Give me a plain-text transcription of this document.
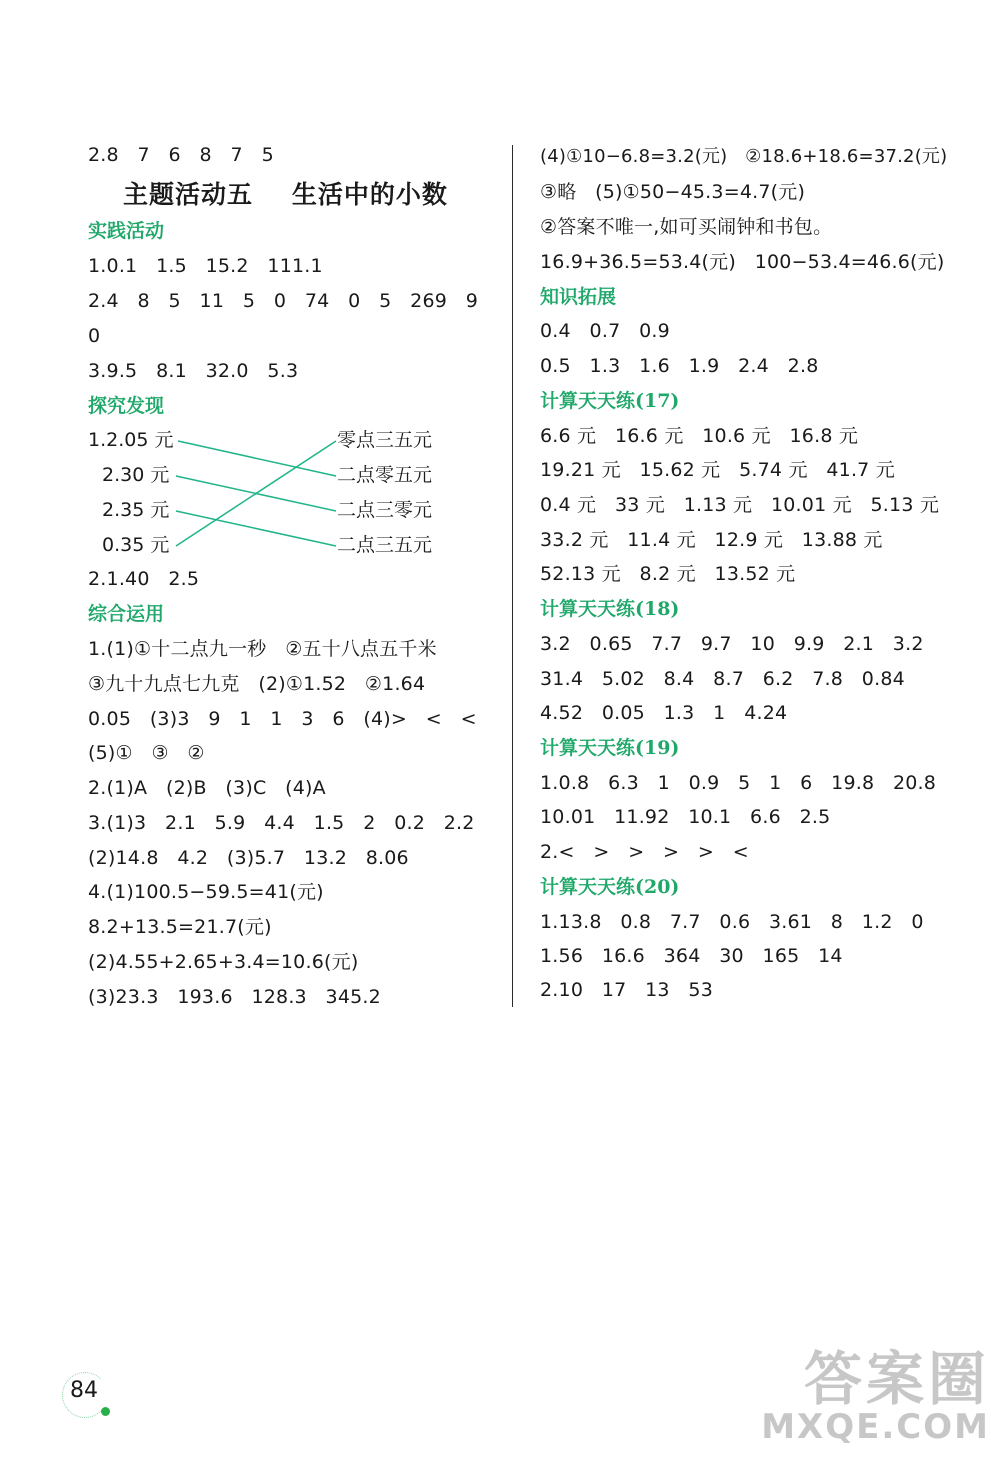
2.8   7   6   8   7   5
主题活动五    生活中的小数
实践活动
1.0.1   1.5   15.2   111.1
2.4   8   5   11   5   0   74   0   5   269   9
0
3.9.5   8.1   32.0   5.3
探究发现
1.2.05 元
2.30 元
2.35 元
0.35 元
零点三五元
二点零五元
二点三零元
二点三五元
2.1.40   2.5
综合运用
1.(1)①十二点九一秒   ②五十八点五千米
③九十九点七九克   (2)①1.52   ②1.64
0.05   (3)3   9   1   1   3   6   (4)>   <   <
(5)①   ③   ②
2.(1)A   (2)B   (3)C   (4)A
3.(1)3   2.1   5.9   4.4   1.5   2   0.2   2.2
(2)14.8   4.2   (3)5.7   13.2   8.06
4.(1)100.5−59.5=41(元)
8.2+13.5=21.7(元)
(2)4.55+2.65+3.4=10.6(元)
(3)23.3   193.6   128.3   345.2
(4)①10−6.8=3.2(元)   ②18.6+18.6=37.2(元)
③略   (5)①50−45.3=4.7(元)
②答案不唯一,如可买闹钟和书包。
16.9+36.5=53.4(元)   100−53.4=46.6(元)
知识拓展
0.4   0.7   0.9
0.5   1.3   1.6   1.9   2.4   2.8
计算天天练(17)
6.6 元   16.6 元   10.6 元   16.8 元
19.21 元   15.62 元   5.74 元   41.7 元
0.4 元   33 元   1.13 元   10.01 元   5.13 元
33.2 元   11.4 元   12.9 元   13.88 元
52.13 元   8.2 元   13.52 元
计算天天练(18)
3.2   0.65   7.7   9.7   10   9.9   2.1   3.2
31.4   5.02   8.4   8.7   6.2   7.8   0.84
4.52   0.05   1.3   1   4.24
计算天天练(19)
1.0.8   6.3   1   0.9   5   1   6   19.8   20.8
10.01   11.92   10.1   6.6   2.5
2.<   >   >   >   >   <
计算天天练(20)
1.13.8   0.8   7.7   0.6   3.61   8   1.2   0
1.56   16.6   364   30   165   14
2.10   17   13   53
84	答案圈
MXQE.COM
